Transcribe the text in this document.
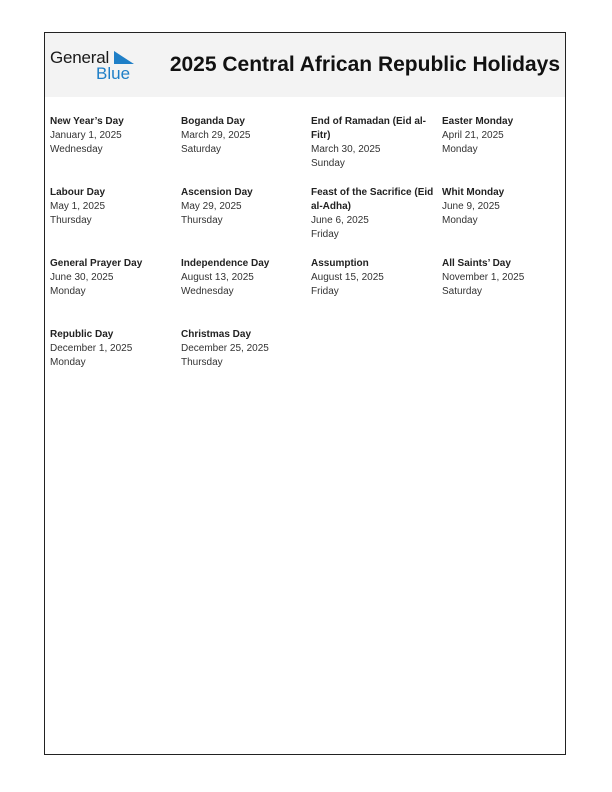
General
Blue 2025 Central African Republic Holidays
New Year’s Day
January 1, 2025
Wednesday
Boganda Day
March 29, 2025
Saturday
End of Ramadan (Eid al-Fitr)
March 30, 2025
Sunday
Easter Monday
April 21, 2025
Monday
Labour Day
May 1, 2025
Thursday
Ascension Day
May 29, 2025
Thursday
Feast of the Sacrifice (Eid al-Adha)
June 6, 2025
Friday
Whit Monday
June 9, 2025
Monday
General Prayer Day
June 30, 2025
Monday
Independence Day
August 13, 2025
Wednesday
Assumption
August 15, 2025
Friday
All Saints’ Day
November 1, 2025
Saturday
Republic Day
December 1, 2025
Monday
Christmas Day
December 25, 2025
Thursday
